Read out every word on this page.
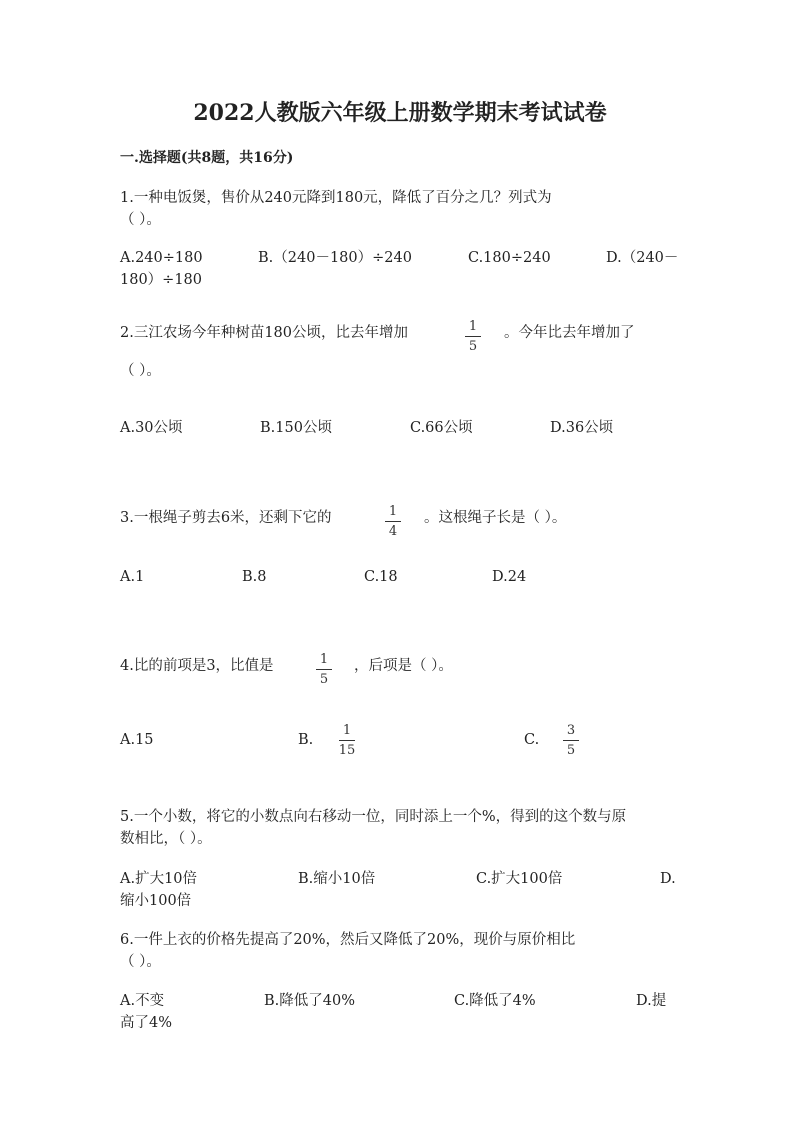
2022人教版六年级上册数学期末考试试卷
一.选择题(共8题，共16分)
1.一种电饭煲，售价从240元降到180元，降低了百分之几？列式为
（ ）。
A.240÷180	B.（240－180）÷240	C.180÷240	D.（240－
180）÷180
2.三江农场今年种树苗180公顷，比去年增加	1
5
。今年比去年增加了
（ ）。
A.30公顷	B.150公顷	C.66公顷	D.36公顷
3.一根绳子剪去6米，还剩下它的	1
4
。这根绳子长是（ ）。
A.1	B.8	C.18	D.24
4.比的前项是3，比值是	1
5
，后项是（ ）。
A.15	B.
1
15
C.
3
5
5.一个小数，将它的小数点向右移动一位，同时添上一个%，得到的这个数与原
数相比，（ ）。
A.扩大10倍	B.缩小10倍	C.扩大100倍	D.
缩小100倍
6.一件上衣的价格先提高了20%，然后又降低了20%，现价与原价相比
（ ）。
A.不变	B.降低了40%	C.降低了4%	D.提
高了4%
